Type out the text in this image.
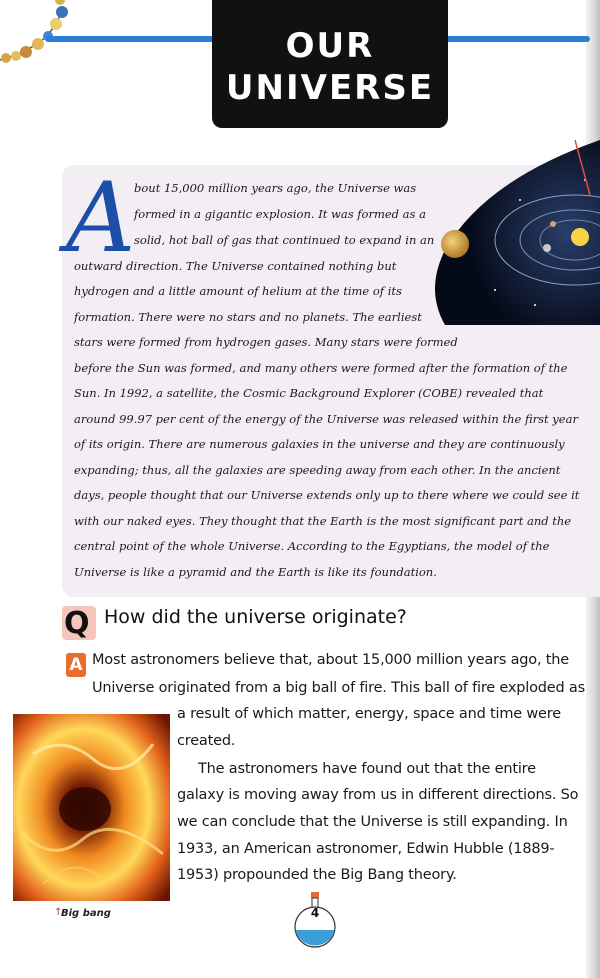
OUR
UNIVERSE
A
bout 15,000 million years ago, the Universe was
formed in a gigantic explosion. It was formed as a
solid, hot ball of gas that continued to expand in an
outward direction. The Universe contained nothing but
hydrogen and a little amount of helium at the time of its
formation. There were no stars and no planets. The earliest
stars were formed from hydrogen gases. Many stars were formed
before the Sun was formed, and many others were formed after the formation of the
Sun. In 1992, a satellite, the Cosmic Background Explorer (COBE) revealed that
around 99.97 per cent of the energy of the Universe was released within the first year
of its origin. There are numerous galaxies in the universe and they are continuously
expanding; thus, all the galaxies are speeding away from each other. In the ancient
days, people thought that our Universe extends only up to there where we could see it
with our naked eyes. They thought that the Earth is the most significant part and the
central point of the whole Universe. According to the Egyptians, the model of the
Universe is like a pyramid and the Earth is like its foundation.
Q How did the universe originate?
A Most astronomers believe that, about 15,000 million years ago, the
Universe originated from a big ball of fire. This ball of fire exploded as
a result of which matter, energy, space and time were
created.
The astronomers have found out that the entire
galaxy is moving away from us in different directions. So
we can conclude that the Universe is still expanding. In
1933, an American astronomer, Edwin Hubble (1889-
1953) propounded the Big Bang theory.
↑
Big bang	4
